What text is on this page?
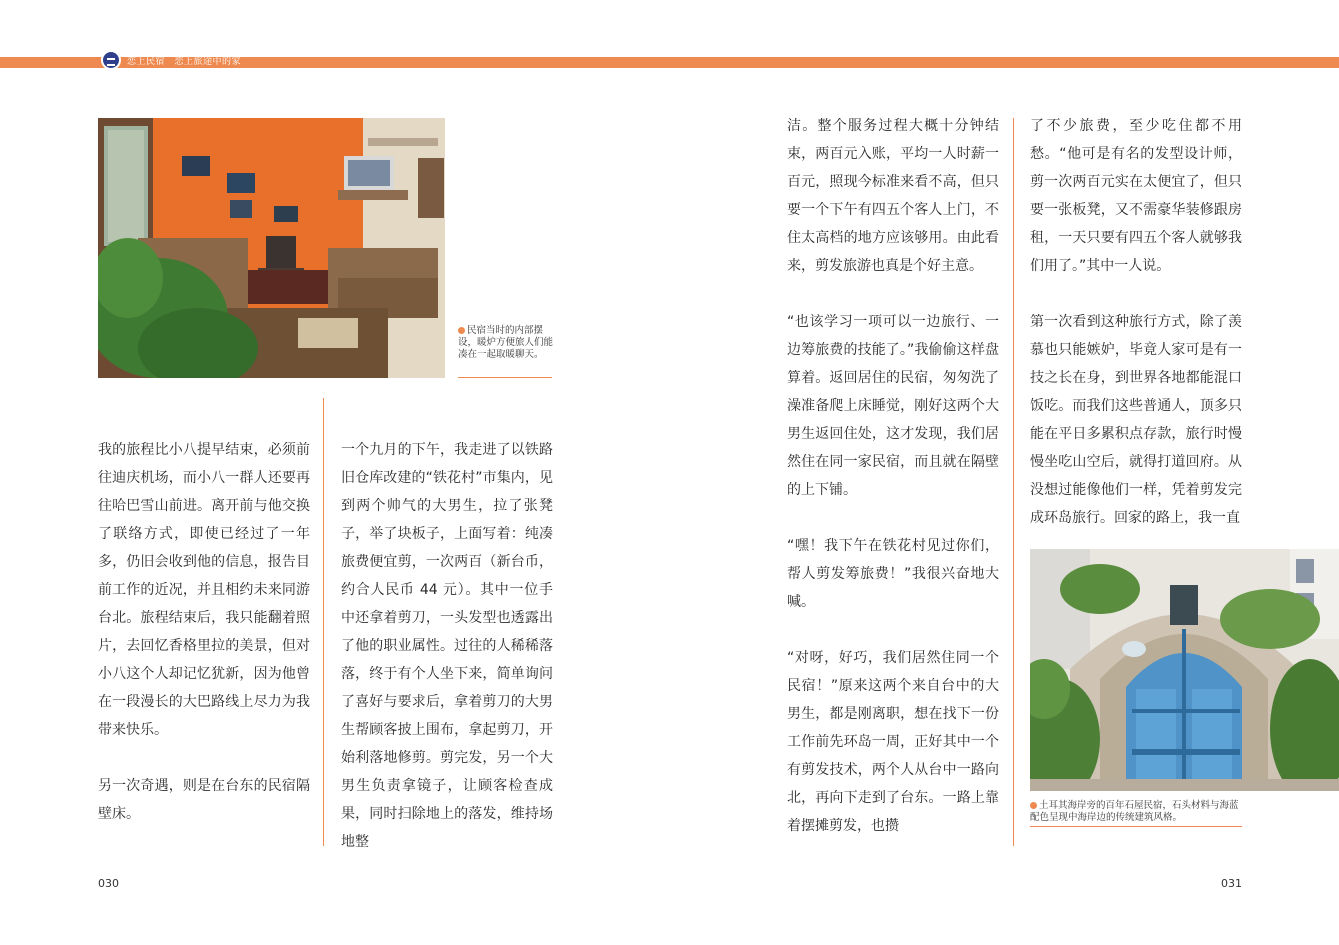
恋上民宿　恋上旅途中的家
民宿当时的内部摆设，暖炉方便旅人们能凑在一起取暖聊天。

我的旅程比小八提早结束，必须前往迪庆机场，而小八一群人还要再往哈巴雪山前进。离开前与他交换了联络方式，即使已经过了一年多，仍旧会收到他的信息，报告目前工作的近况，并且相约未来同游台北。旅程结束后，我只能翻着照片，去回忆香格里拉的美景，但对小八这个人却记忆犹新，因为他曾在一段漫长的大巴路线上尽力为我带来快乐。

另一次奇遇，则是在台东的民宿隔壁床。

一个九月的下午，我走进了以铁路旧仓库改建的“铁花村”市集内，见到两个帅气的大男生，拉了张凳子，举了块板子，上面写着：纯凑旅费便宜剪，一次两百（新台币，约合人民币 44 元）。其中一位手中还拿着剪刀，一头发型也透露出了他的职业属性。过往的人稀稀落落，终于有个人坐下来，简单询问了喜好与要求后，拿着剪刀的大男生帮顾客披上围布，拿起剪刀，开始利落地修剪。剪完发，另一个大男生负责拿镜子，让顾客检查成果，同时扫除地上的落发，维持场地整

洁。整个服务过程大概十分钟结束，两百元入账，平均一人时薪一百元，照现今标准来看不高，但只要一个下午有四五个客人上门，不住太高档的地方应该够用。由此看来，剪发旅游也真是个好主意。

“也该学习一项可以一边旅行、一边筹旅费的技能了。”我偷偷这样盘算着。返回居住的民宿，匆匆洗了澡准备爬上床睡觉，刚好这两个大男生返回住处，这才发现，我们居然住在同一家民宿，而且就在隔壁的上下铺。

“嘿！我下午在铁花村见过你们，帮人剪发筹旅费！”我很兴奋地大喊。

“对呀，好巧，我们居然住同一个民宿！”原来这两个来自台中的大男生，都是刚离职，想在找下一份工作前先环岛一周，正好其中一个有剪发技术，两个人从台中一路向北，再向下走到了台东。一路上靠着摆摊剪发，也攒

了不少旅费，至少吃住都不用愁。“他可是有名的发型设计师，剪一次两百元实在太便宜了，但只要一张板凳，又不需豪华装修跟房租，一天只要有四五个客人就够我们用了。”其中一人说。

第一次看到这种旅行方式，除了羡慕也只能嫉妒，毕竟人家可是有一技之长在身，到世界各地都能混口饭吃。而我们这些普通人，顶多只能在平日多累积点存款，旅行时慢慢坐吃山空后，就得打道回府。从没想过能像他们一样，凭着剪发完成环岛旅行。回家的路上，我一直

土耳其海岸旁的百年石屋民宿，石头材料与海蓝配色呈现中海岸边的传统建筑风格。
030	031
